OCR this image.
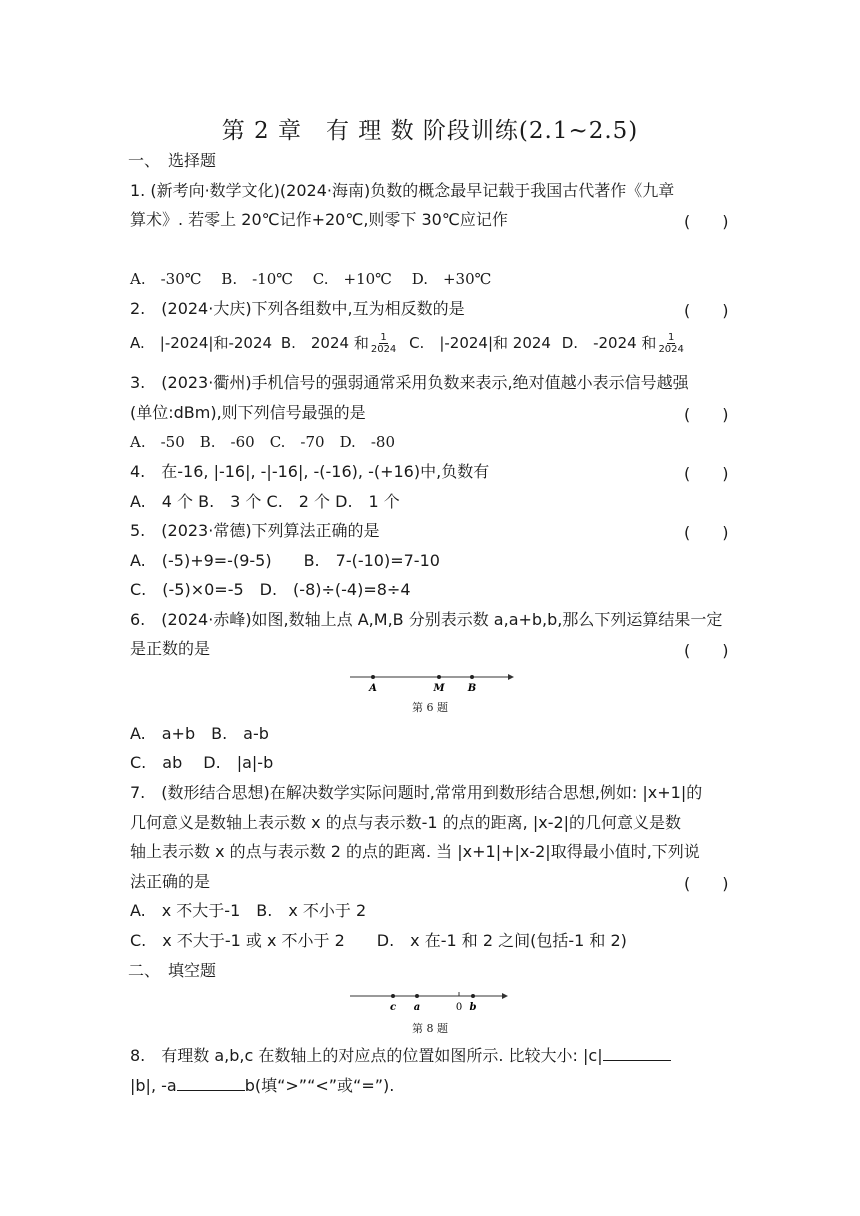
第 2 章　有 理 数 阶段训练(2.1~2.5)
一、　选择题
1. (新考向·数学文化)(2024·海南)负数的概念最早记载于我国古代著作《九章
算术》. 若零上 20℃记作+20℃,则零下 30℃应记作	(　　)
A.　-30℃　 B.　-10℃　 C.　+10℃　 D.　+30℃
2.　(2024·大庆)下列各组数中,互为相反数的是	(　　)
A.　|-2024|和-2024 B.　2024 和 $\frac{1}{2024} C$.　|-2024|和 2024 D.　-2024 和 $\frac{1}{2024}$
3.　(2023·衢州)手机信号的强弱通常采用负数来表示,绝对值越小表示信号越强
(单位:dBm),则下列信号最强的是	(　　)
A.　-50　B.　-60　C.　-70　D.　-80
4.　在-16, |-16|, -|-16|, -(-16), -(+16)中,负数有	(　　)
A.　4 个 B.　3 个 C.　2 个 D.　1 个
5.　(2023·常德)下列算法正确的是	(　　)
A.　(-5)+9=-(9-5)　　B.　7-(-10)=7-10
C.　(-5)×0=-5　D.　(-8)÷(-4)=8÷4
6.　(2024·赤峰)如图,数轴上点 A,M,B 分别表示数 a,a+b,b,那么下列运算结果一定
是正数的是	(　　)
A	M B
第 6 题
A.　a+b　B.　a-b
C.　ab　 D.　|a|-b
7.　(数形结合思想)在解决数学实际问题时,常常用到数形结合思想,例如: |x+1|的
几何意义是数轴上表示数 x 的点与表示数-1 的点的距离, |x-2|的几何意义是数
轴上表示数 x 的点与表示数 2 的点的距离. 当 |x+1|+|x-2|取得最小值时,下列说
法正确的是	(　　)
A.　x 不大于-1　B.　x 不小于 2
C.　x 不大于-1 或 x 不小于 2　　D.　x 在-1 和 2 之间(包括-1 和 2)
二、　填空题
c a	0 b
第 8 题
8.　有理数 a,b,c 在数轴上的对应点的位置如图所示. 比较大小: |c|
|b|, -a	b(填“>”“<”或“=”).
